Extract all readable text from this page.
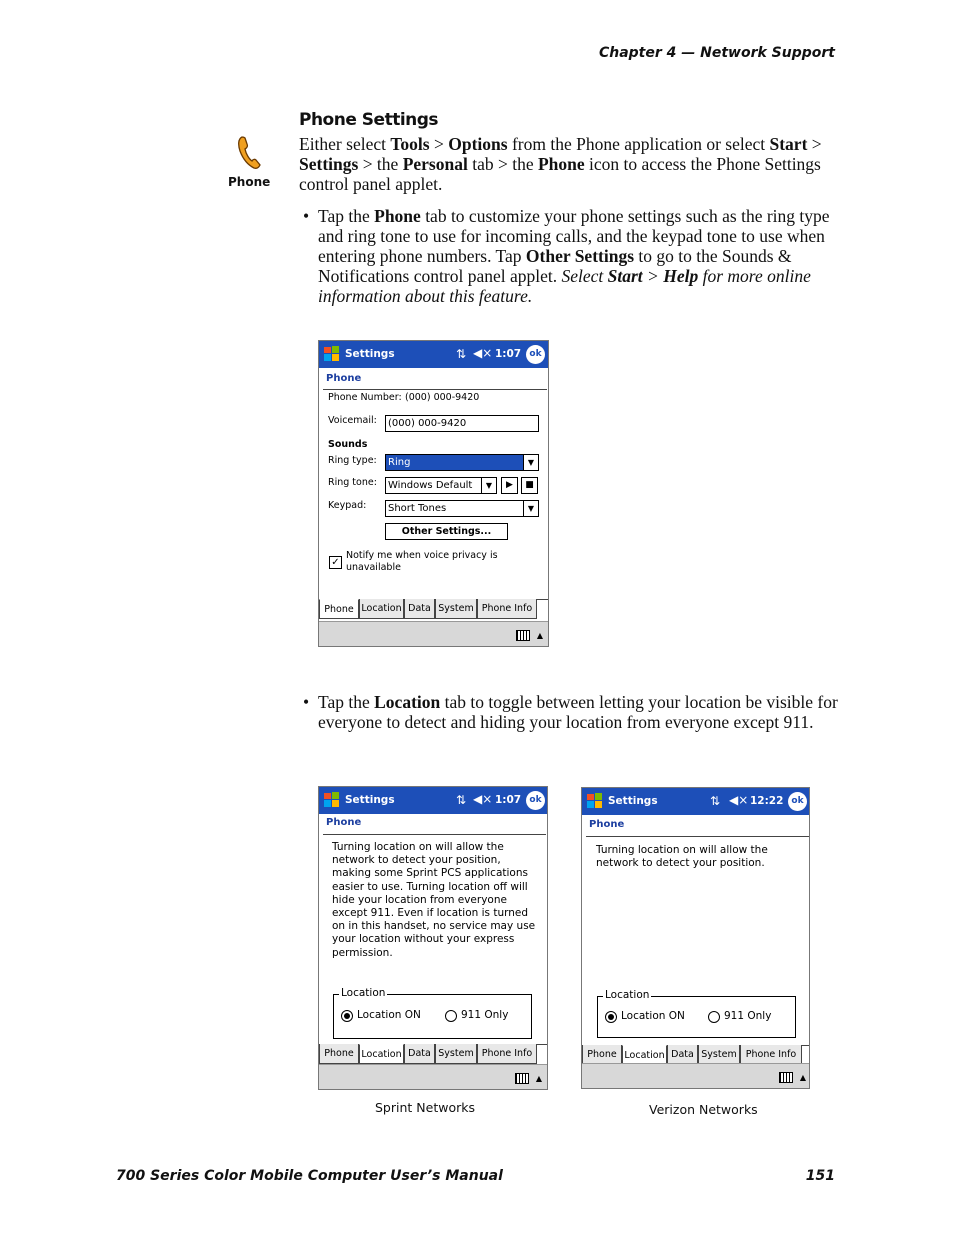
Chapter 4 — Network Support
Phone
Phone Settings
Either select Tools > Options from the Phone application or select Start > Settings > the Personal tab > the Phone icon to access the Phone Settings control panel applet.
• Tap the Phone tab to customize your phone settings such as the ring type and ring tone to use for incoming calls, and the keypad tone to use when entering phone numbers. Tap Other Settings to go to the Sounds & Notifications control panel applet. Select Start > Help for more online information about this feature.
Settings	⇅ ◀× 1:07 ok
Phone
Phone Number: (000) 000-9420
Voicemail:	(000) 000-9420
Sounds
Ring type:	Ring	▼
Ring tone:	Windows Default	▼	▶	■
Keypad:	Short Tones	▼
Other Settings...
✓
Notify me when voice privacy is unavailable
Phone Location Data System Phone Info
▲
• Tap the Location tab to toggle between letting your location be visible for everyone to detect and hiding your location from everyone except 911.
Settings	⇅ ◀× 1:07 ok
Phone
Turning location on will allow the network to detect your position, making some Sprint PCS applications easier to use. Turning location off will hide your location from everyone except 911. Even if location is turned on in this handset, no service may use your location without your express permission.
Location
Location ON	911 Only
Phone Location Data System Phone Info
▲
Sprint Networks
Settings	⇅ ◀× 12:22 ok
Phone
Turning location on will allow the network to detect your position.
Location
Location ON	911 Only
Phone Location Data System Phone Info
▲
Verizon Networks
700 Series Color Mobile Computer User’s Manual	151
